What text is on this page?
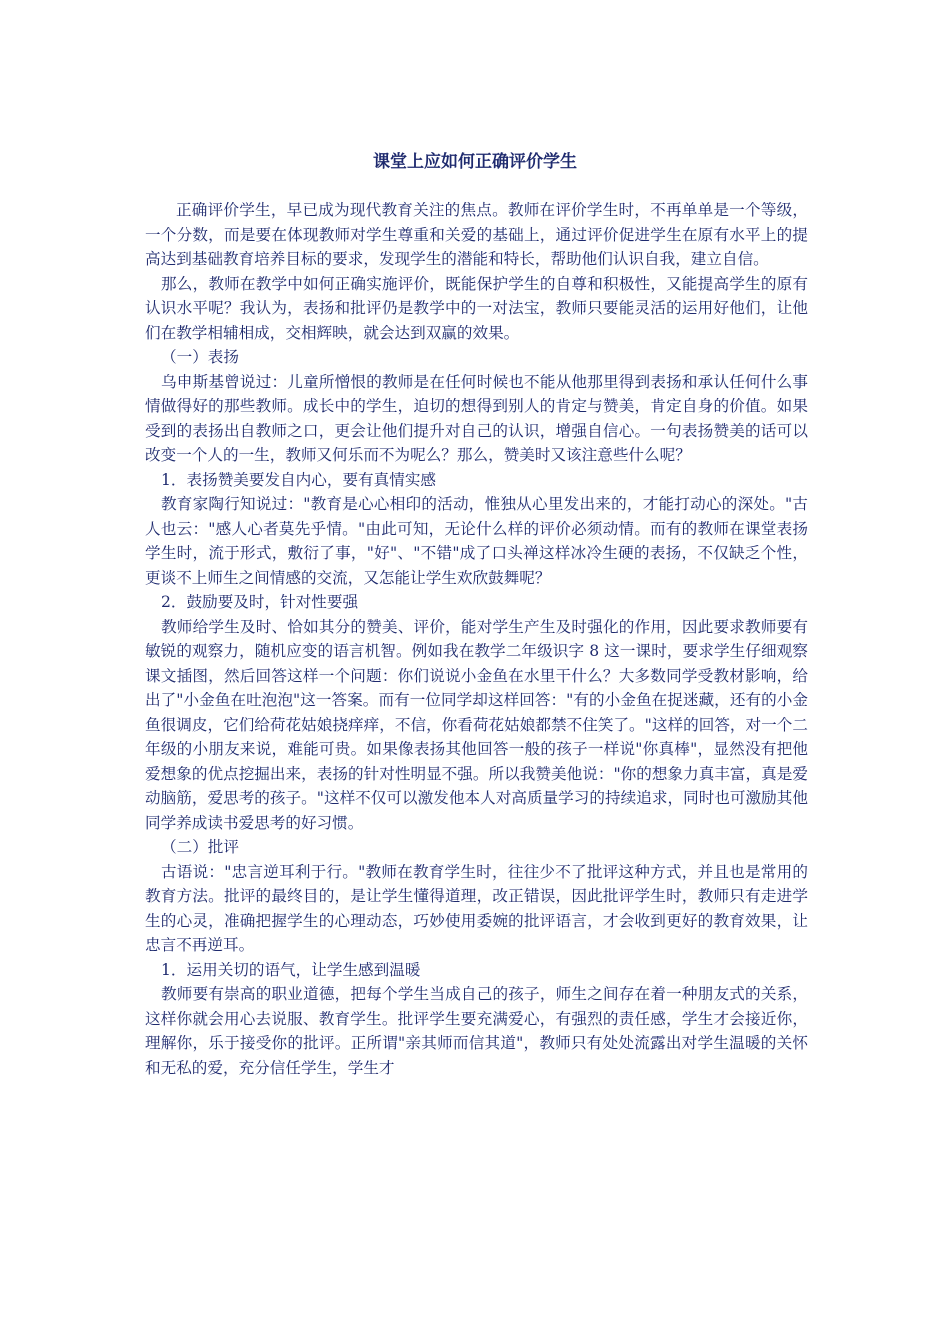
课堂上应如何正确评价学生

正确评价学生，早已成为现代教育关注的焦点。教师在评价学生时，不再单单是一个等级，一个分数，而是要在体现教师对学生尊重和关爱的基础上，通过评价促进学生在原有水平上的提高达到基础教育培养目标的要求，发现学生的潜能和特长，帮助他们认识自我，建立自信。

那么，教师在教学中如何正确实施评价，既能保护学生的自尊和积极性，又能提高学生的原有认识水平呢？我认为，表扬和批评仍是教学中的一对法宝，教师只要能灵活的运用好他们，让他们在教学相辅相成，交相辉映，就会达到双赢的效果。

（一）表扬

乌申斯基曾说过：儿童所憎恨的教师是在任何时候也不能从他那里得到表扬和承认任何什么事情做得好的那些教师。成长中的学生，迫切的想得到别人的肯定与赞美，肯定自身的价值。如果受到的表扬出自教师之口，更会让他们提升对自己的认识，增强自信心。一句表扬赞美的话可以改变一个人的一生，教师又何乐而不为呢么？那么，赞美时又该注意些什么呢？

1．表扬赞美要发自内心，要有真情实感

教育家陶行知说过："教育是心心相印的活动，惟独从心里发出来的，才能打动心的深处。"古人也云："感人心者莫先乎情。"由此可知，无论什么样的评价必须动情。而有的教师在课堂表扬学生时，流于形式，敷衍了事，"好"、"不错"成了口头禅这样冰冷生硬的表扬，不仅缺乏个性，更谈不上师生之间情感的交流，又怎能让学生欢欣鼓舞呢？

2．鼓励要及时，针对性要强

教师给学生及时、恰如其分的赞美、评价，能对学生产生及时强化的作用，因此要求教师要有敏锐的观察力，随机应变的语言机智。例如我在教学二年级识字 8 这一课时，要求学生仔细观察课文插图，然后回答这样一个问题：你们说说小金鱼在水里干什么？大多数同学受教材影响，给出了"小金鱼在吐泡泡"这一答案。而有一位同学却这样回答："有的小金鱼在捉迷藏，还有的小金鱼很调皮，它们给荷花姑娘挠痒痒，不信，你看荷花姑娘都禁不住笑了。"这样的回答，对一个二年级的小朋友来说，难能可贵。如果像表扬其他回答一般的孩子一样说"你真棒"，显然没有把他爱想象的优点挖掘出来，表扬的针对性明显不强。所以我赞美他说："你的想象力真丰富，真是爱动脑筋，爱思考的孩子。"这样不仅可以激发他本人对高质量学习的持续追求，同时也可激励其他同学养成读书爱思考的好习惯。

（二）批评

古语说："忠言逆耳利于行。"教师在教育学生时，往往少不了批评这种方式，并且也是常用的教育方法。批评的最终目的，是让学生懂得道理，改正错误，因此批评学生时，教师只有走进学生的心灵，准确把握学生的心理动态，巧妙使用委婉的批评语言，才会收到更好的教育效果，让忠言不再逆耳。

1．运用关切的语气，让学生感到温暖

教师要有崇高的职业道德，把每个学生当成自己的孩子，师生之间存在着一种朋友式的关系，这样你就会用心去说服、教育学生。批评学生要充满爱心，有强烈的责任感，学生才会接近你，理解你，乐于接受你的批评。正所谓"亲其师而信其道"，教师只有处处流露出对学生温暖的关怀和无私的爱，充分信任学生，学生才
